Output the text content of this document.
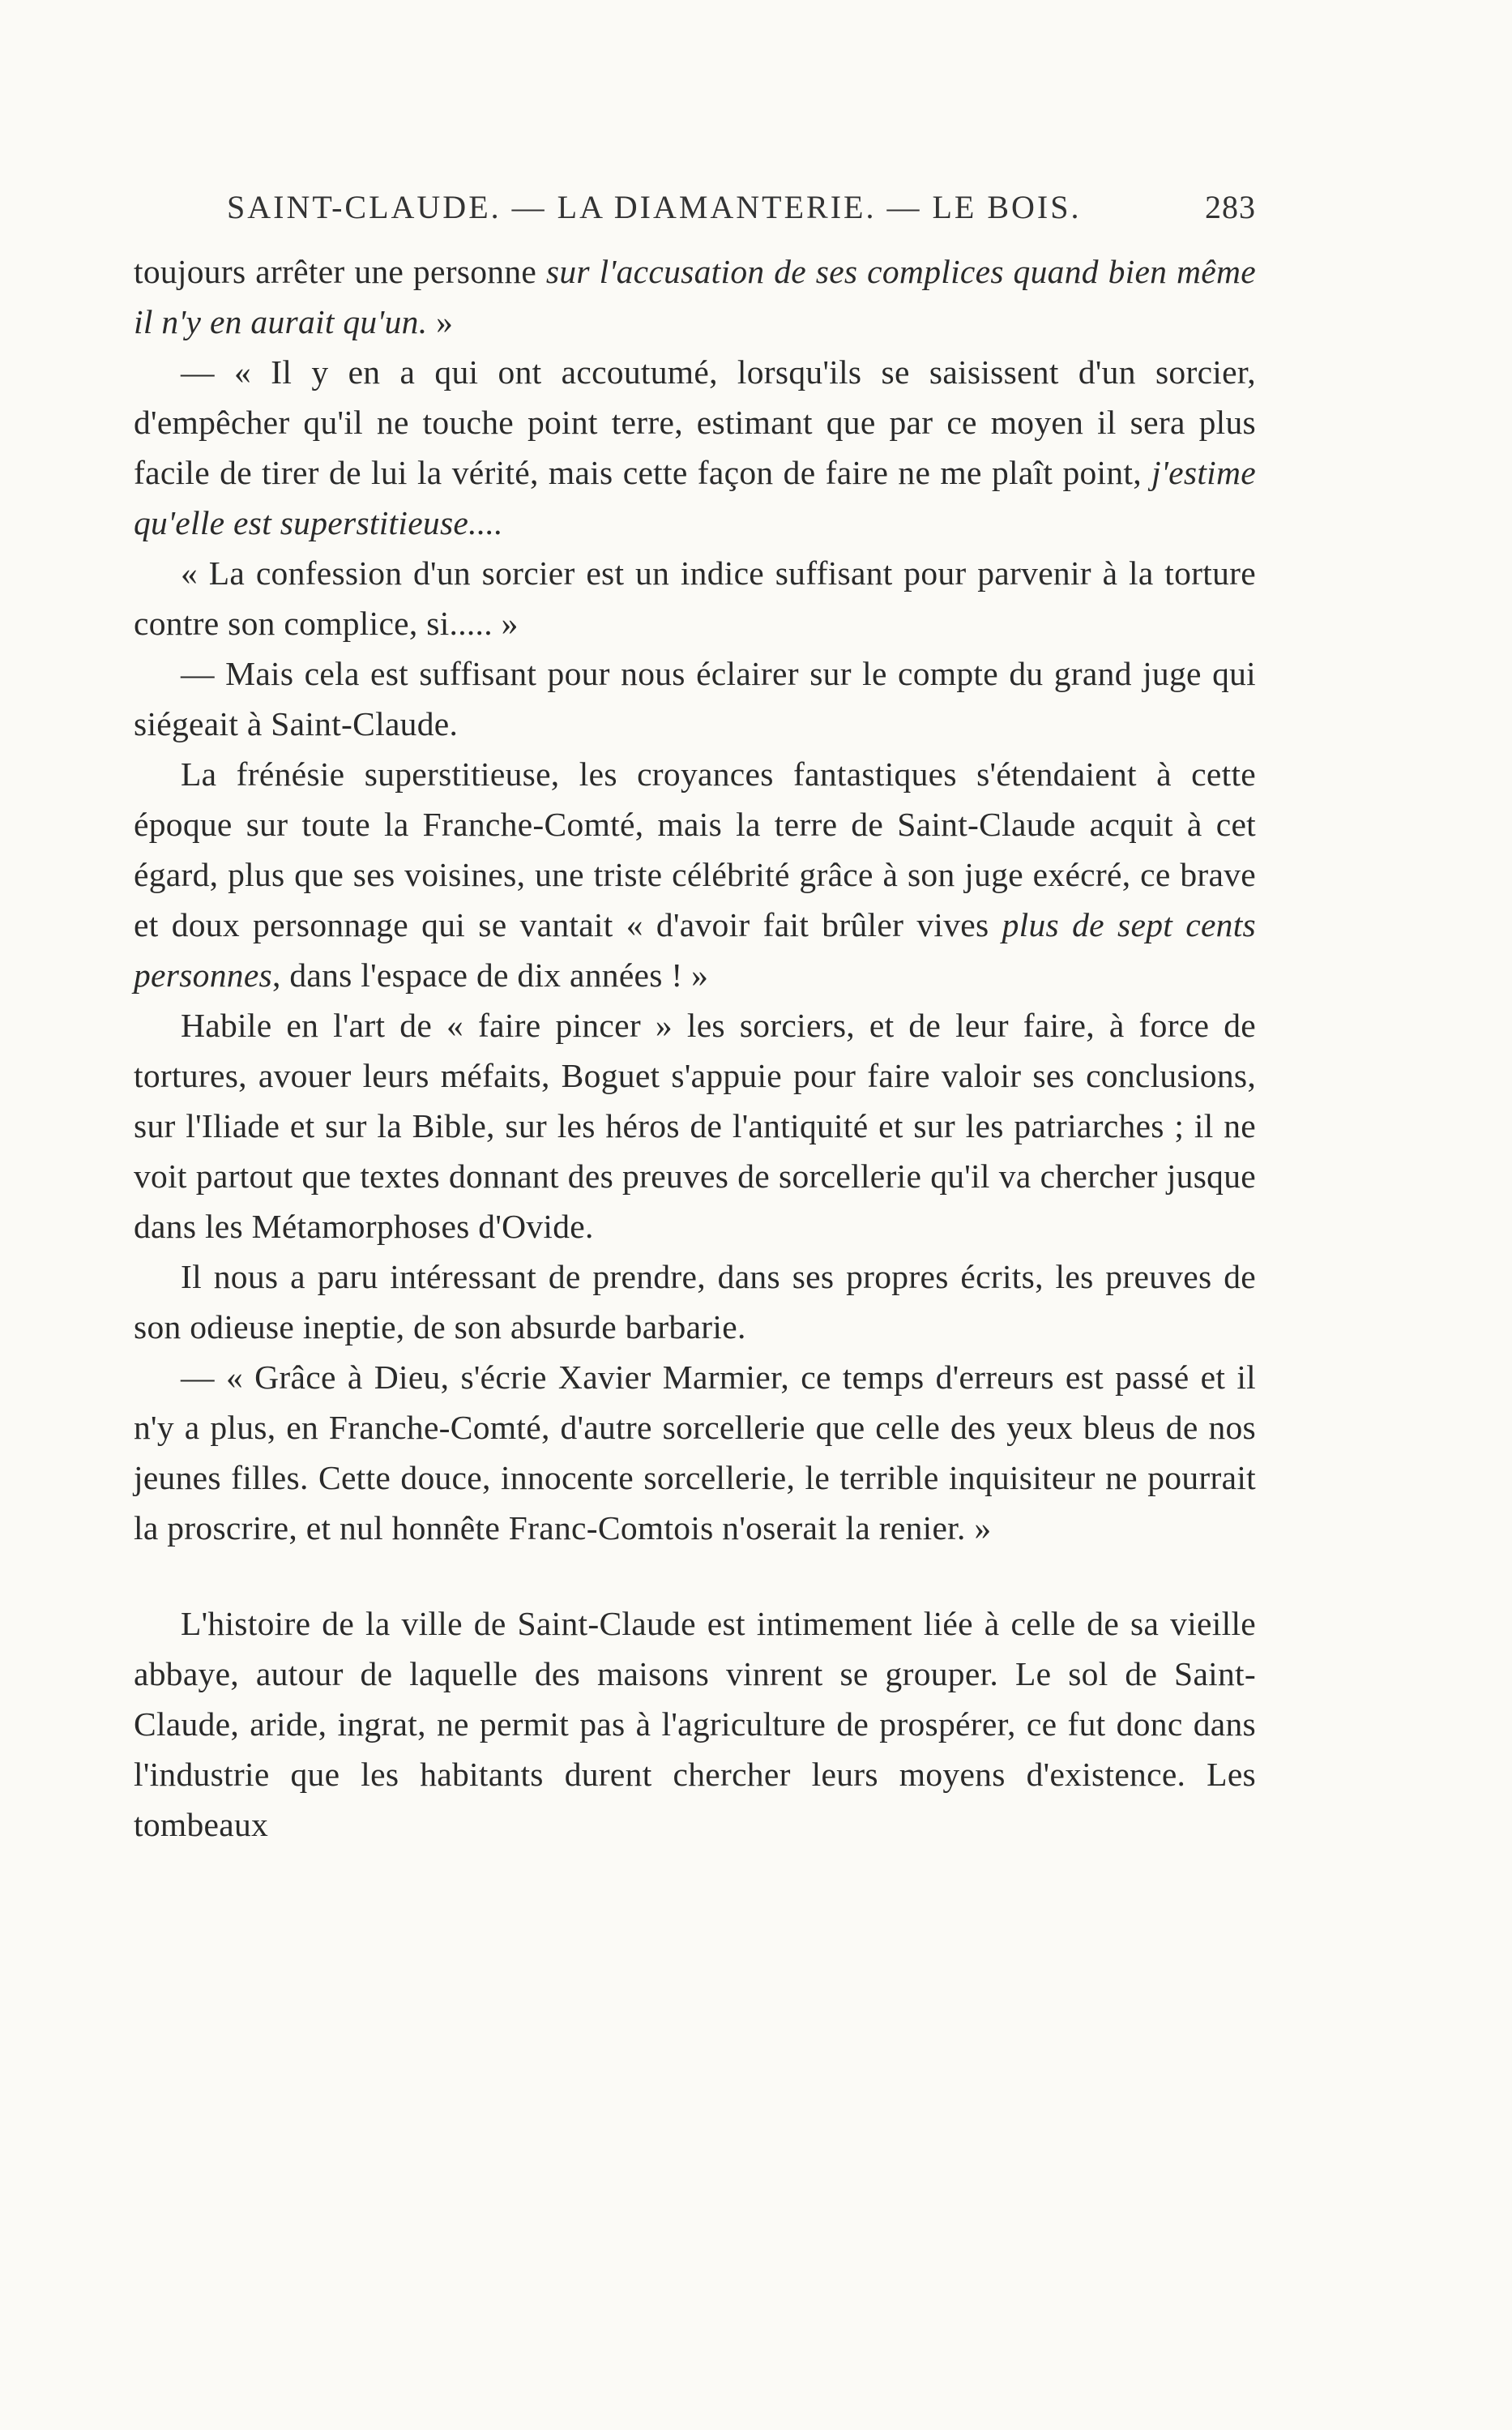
SAINT-CLAUDE. — LA DIAMANTERIE. — LE BOIS.	283

toujours arrêter une personne sur l'accusation de ses complices quand bien même il n'y en aurait qu'un. »

— « Il y en a qui ont accoutumé, lorsqu'ils se saisissent d'un sorcier, d'empêcher qu'il ne touche point terre, estimant que par ce moyen il sera plus facile de tirer de lui la vérité, mais cette façon de faire ne me plaît point, j'estime qu'elle est superstitieuse....

« La confession d'un sorcier est un indice suffisant pour parvenir à la torture contre son complice, si..... »

— Mais cela est suffisant pour nous éclairer sur le compte du grand juge qui siégeait à Saint-Claude.

La frénésie superstitieuse, les croyances fantastiques s'étendaient à cette époque sur toute la Franche-Comté, mais la terre de Saint-Claude acquit à cet égard, plus que ses voisines, une triste célébrité grâce à son juge exécré, ce brave et doux personnage qui se vantait « d'avoir fait brûler vives plus de sept cents personnes, dans l'espace de dix années ! »

Habile en l'art de « faire pincer » les sorciers, et de leur faire, à force de tortures, avouer leurs méfaits, Boguet s'appuie pour faire valoir ses conclusions, sur l'Iliade et sur la Bible, sur les héros de l'antiquité et sur les patriarches ; il ne voit partout que textes donnant des preuves de sorcellerie qu'il va chercher jusque dans les Métamorphoses d'Ovide.

Il nous a paru intéressant de prendre, dans ses propres écrits, les preuves de son odieuse ineptie, de son absurde barbarie.

— « Grâce à Dieu, s'écrie Xavier Marmier, ce temps d'erreurs est passé et il n'y a plus, en Franche-Comté, d'autre sorcellerie que celle des yeux bleus de nos jeunes filles. Cette douce, innocente sorcellerie, le terrible inquisiteur ne pourrait la proscrire, et nul honnête Franc-Comtois n'oserait la renier. »

L'histoire de la ville de Saint-Claude est intimement liée à celle de sa vieille abbaye, autour de laquelle des maisons vinrent se grouper. Le sol de Saint-Claude, aride, ingrat, ne permit pas à l'agriculture de prospérer, ce fut donc dans l'industrie que les habitants durent chercher leurs moyens d'existence. Les tombeaux
